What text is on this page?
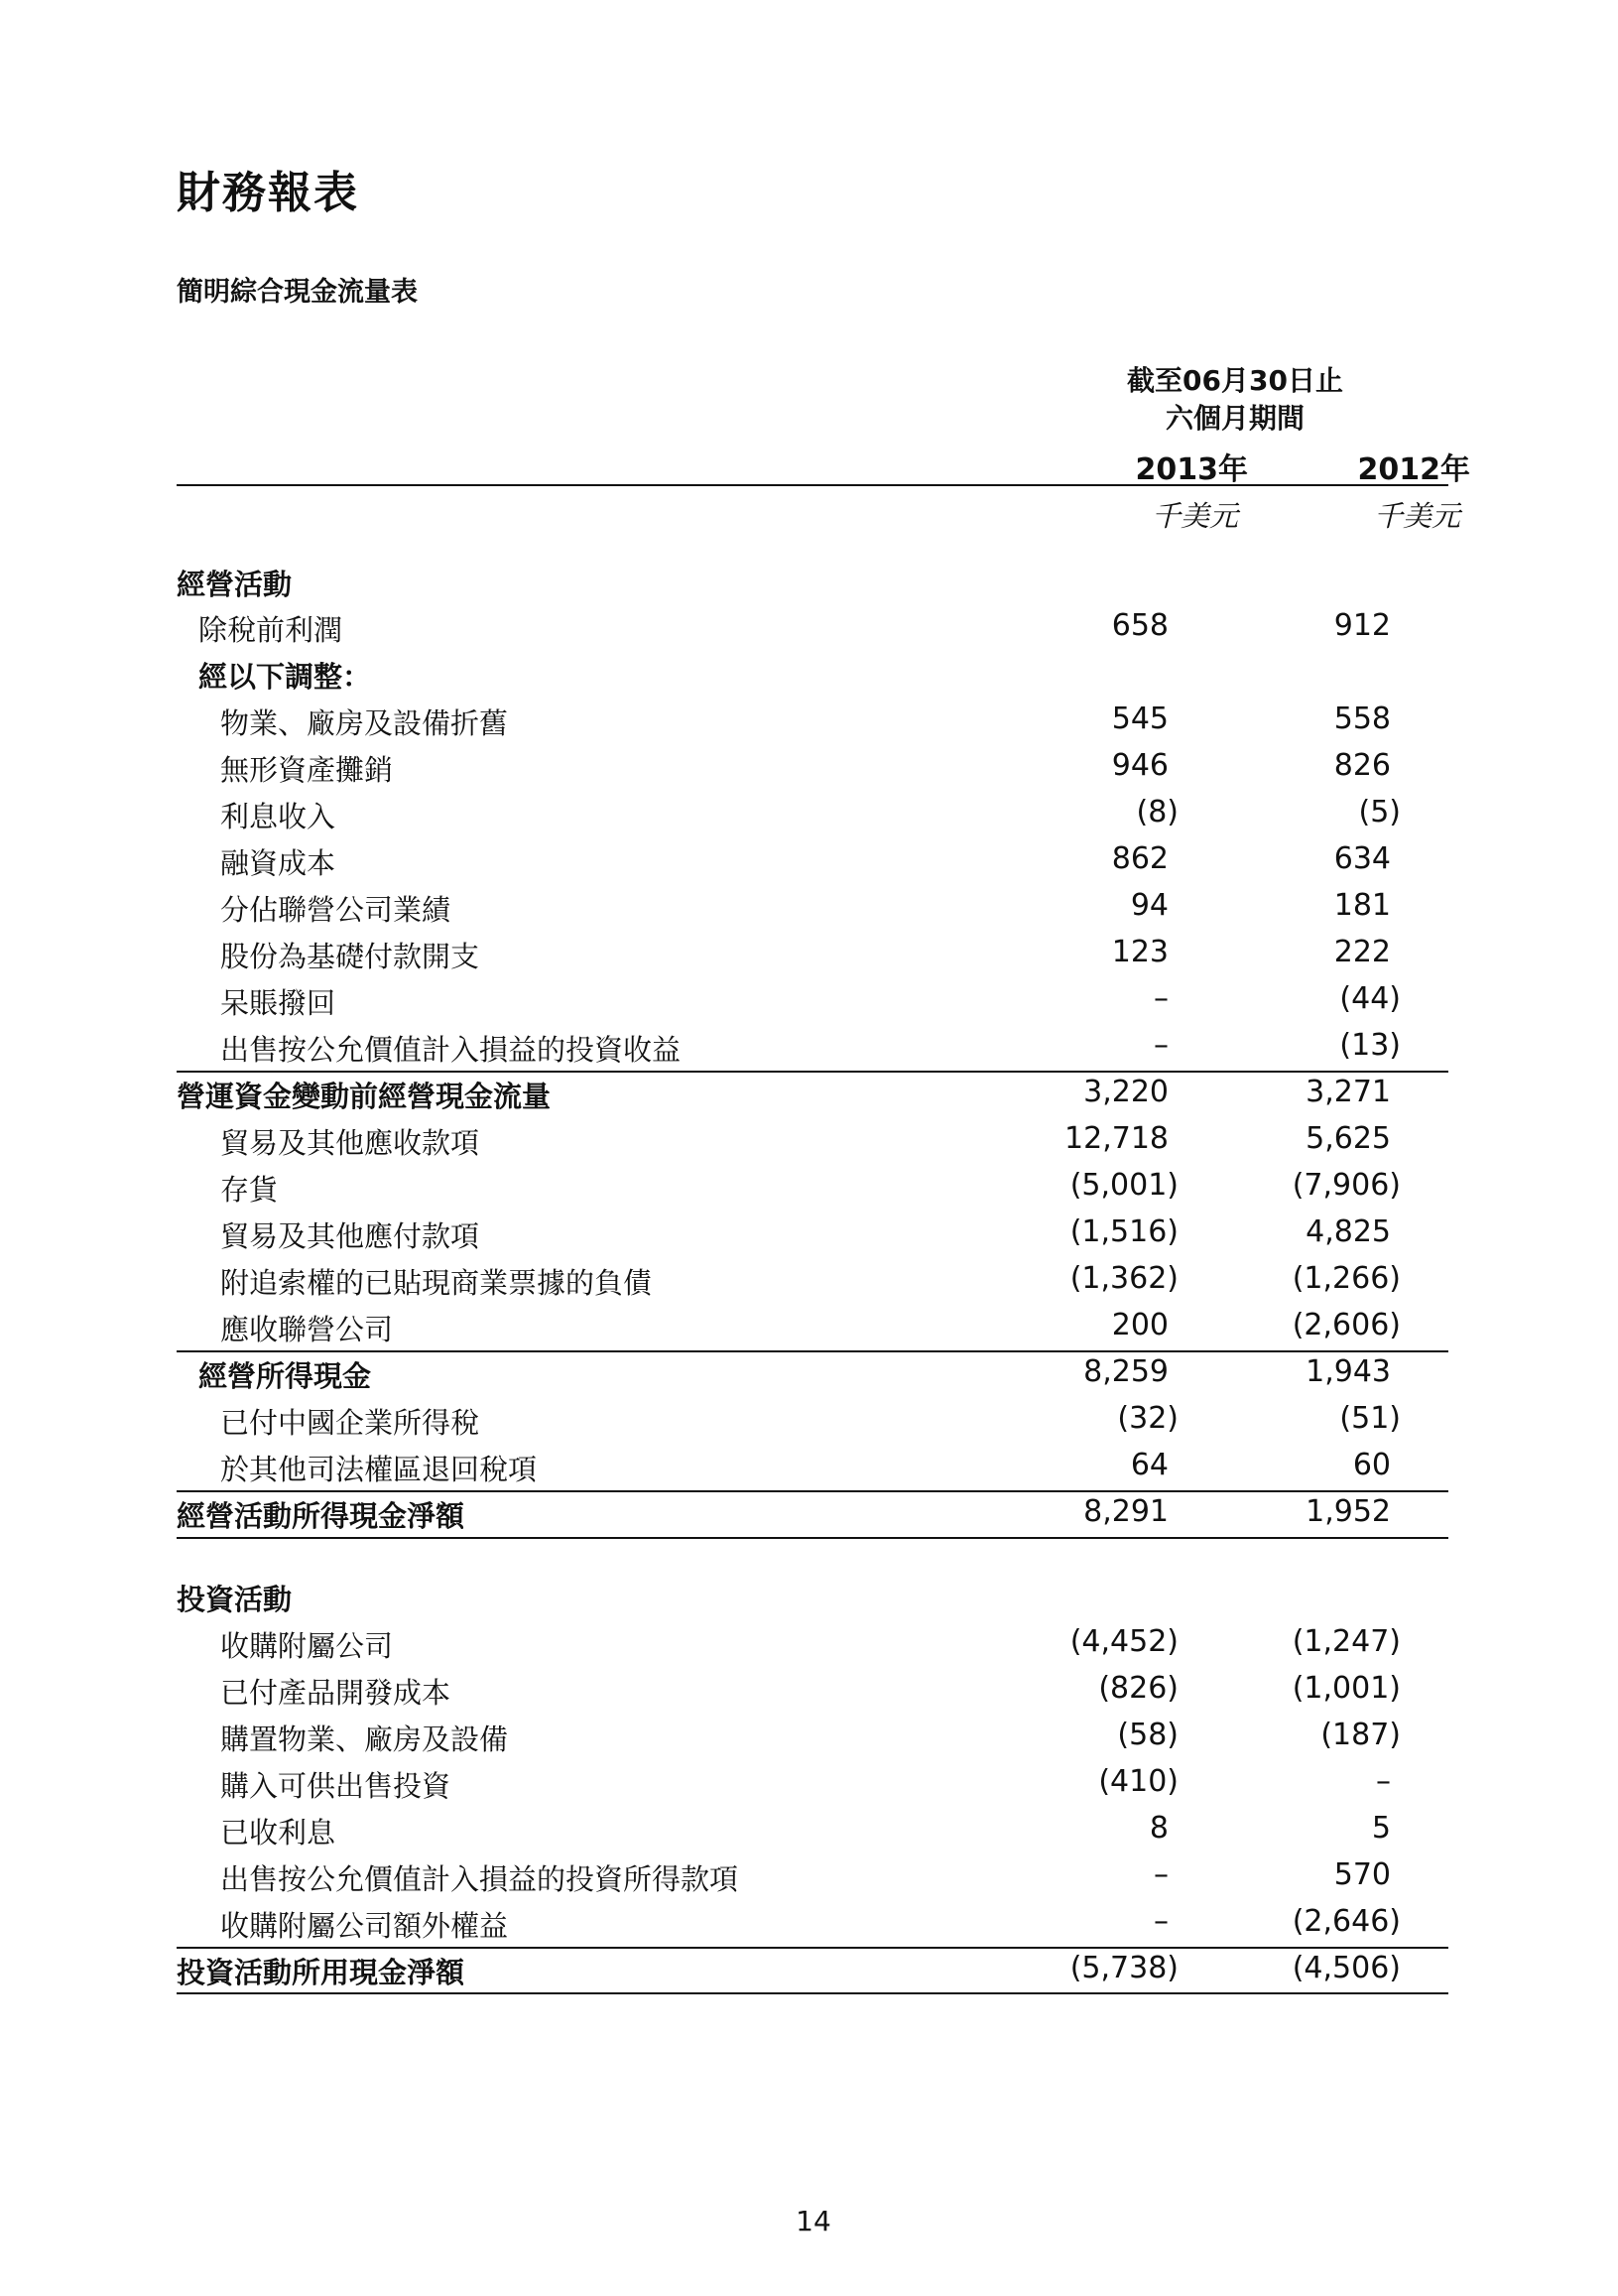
財務報表
簡明綜合現金流量表
截至06月30日止
六個月期間
2013年	2012年
千美元	千美元
經營活動
除稅前利潤	658	912
經以下調整：
物業、廠房及設備折舊	545	558
無形資產攤銷	946	826
利息收入	(8)	(5)
融資成本	862	634
分佔聯營公司業績	94	181
股份為基礎付款開支	123	222
呆賬撥回	–	(44)
出售按公允價值計入損益的投資收益	–	(13)
營運資金變動前經營現金流量	3,220	3,271
貿易及其他應收款項	12,718	5,625
存貨	(5,001)	(7,906)
貿易及其他應付款項	(1,516)	4,825
附追索權的已貼現商業票據的負債	(1,362)	(1,266)
應收聯營公司	200	(2,606)
經營所得現金	8,259	1,943
已付中國企業所得稅	(32)	(51)
於其他司法權區退回稅項	64	60
經營活動所得現金淨額	8,291	1,952
投資活動
收購附屬公司	(4,452)	(1,247)
已付產品開發成本	(826)	(1,001)
購置物業、廠房及設備	(58)	(187)
購入可供出售投資	(410)	–
已收利息	8	5
出售按公允價值計入損益的投資所得款項	–	570
收購附屬公司額外權益	–	(2,646)
投資活動所用現金淨額	(5,738)	(4,506)
14
